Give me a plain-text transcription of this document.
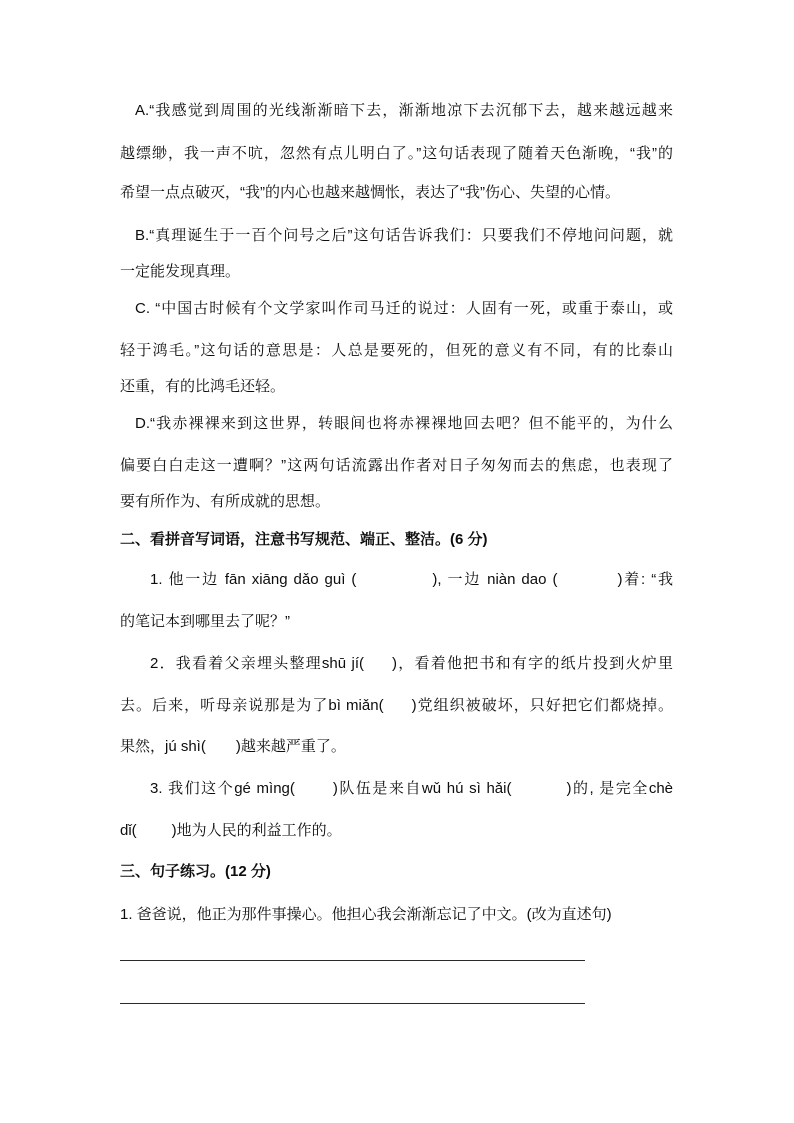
A.“我感觉到周围的光线渐渐暗下去，渐渐地凉下去沉郁下去，越来越远越来
越缥缈，我一声不吭，忽然有点儿明白了。”这句话表现了随着天色渐晚，“我”的
希望一点点破灭，“我”的内心也越来越惆怅，表达了“我”伤心、失望的心情。
B.“真理诞生于一百个问号之后”这句话告诉我们：只要我们不停地问问题，就
一定能发现真理。
C. “中国古时候有个文学家叫作司马迁的说过：人固有一死，或重于泰山，或
轻于鸿毛。”这句话的意思是：人总是要死的，但死的意义有不同，有的比泰山
还重，有的比鸿毛还轻。
D.“我赤裸裸来到这世界，转眼间也将赤裸裸地回去吧？但不能平的，为什么
偏要白白走这一遭啊？”这两句话流露出作者对日子匆匆而去的焦虑，也表现了
要有所作为、有所成就的思想。
二、看拼音写词语，注意书写规范、端正、整洁。(6 分)
1. 他一边 fān xiāng dǎo guì (	), 一边 niàn dao (	)着: “我
的笔记本到哪里去了呢？”
2．我看着父亲埋头整理shū jí( )，看着他把书和有字的纸片投到火炉里
去。后来，听母亲说那是为了bì miǎn( )党组织被破坏，只好把它们都烧掉。
果然，jú shì( )越来越严重了。
3. 我们这个gé mìng(	)队伍是来自wǔ hú sì hǎi(	)的, 是完全chè
dǐ( )地为人民的利益工作的。
三、句子练习。(12 分)
1. 爸爸说，他正为那件事操心。他担心我会渐渐忘记了中文。(改为直述句)
